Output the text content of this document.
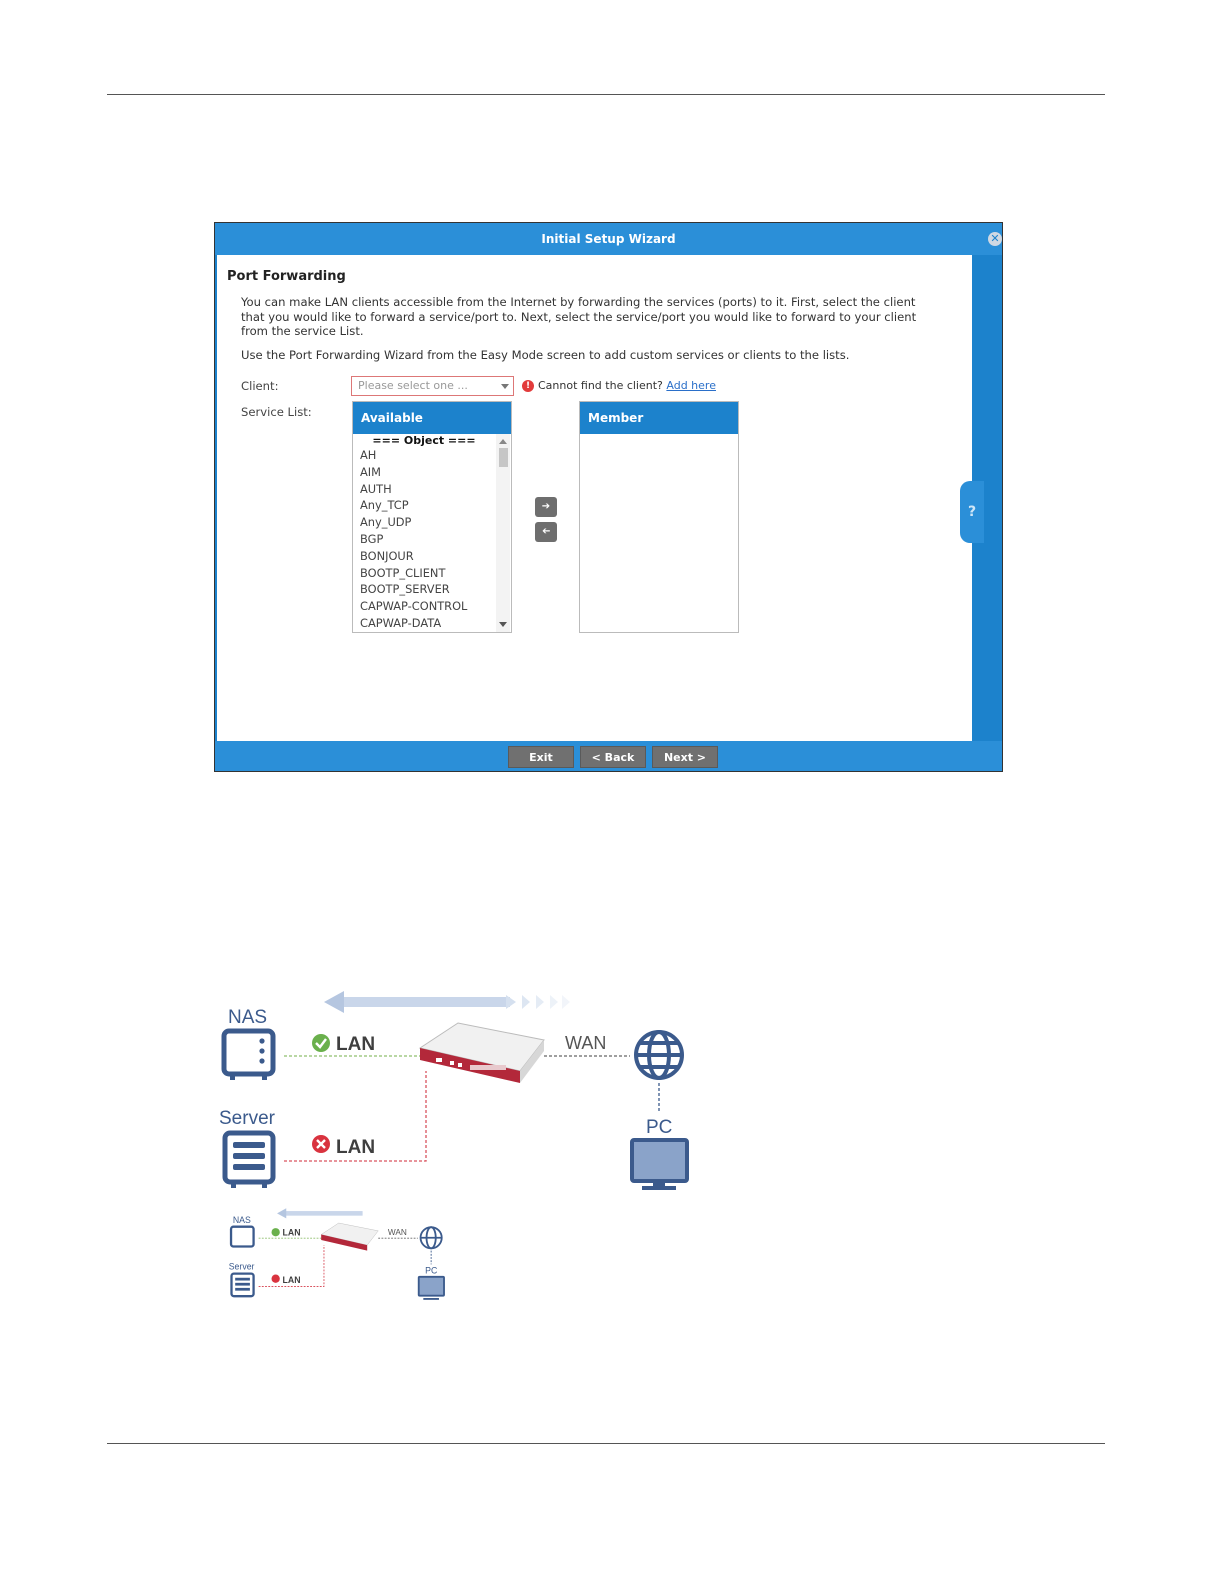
Initial Setup Wizard	✕
Port Forwarding
You can make LAN clients accessible from the Internet by forwarding the services (ports) to it. First, select the client that you would like to forward a service/port to. Next, select the service/port you would like to forward to your client from the service List.
Use the Port Forwarding Wizard from the Easy Mode screen to add custom services or clients to the lists.
Client:	Please select one ...	! Cannot find the client? Add here
Service List:	Available
=== Object ===
AH
AIM
AUTH
Any_TCP
Any_UDP
BGP
BONJOUR
BOOTP_CLIENT
BOOTP_SERVER
CAPWAP-CONTROL
CAPWAP-DATA
➔
➔
Member
?
Exit	< Back	Next >
NAS
Server
LAN
LAN
WAN
PC
NAS
Server
LAN
LAN
WAN
PC
